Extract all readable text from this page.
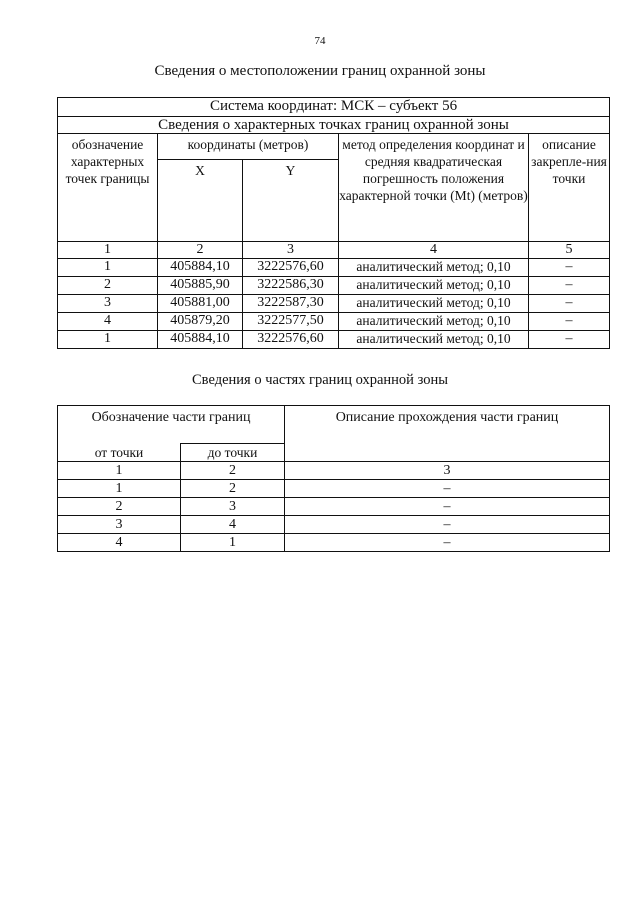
74
Сведения о местоположении границ охранной зоны
Система координат: МСК – субъект 56				
Сведения о характерных точках границ охранной зоны				
обозначение характерных точек границы	координаты (метров)		метод определения координат и средняя квадратическая погрешность положения характерной точки (Mt) (метров)	описание закрепле-ния точки
	X	Y		
1	2	3	4	5
1	405884,10	3222576,60	аналитический метод; 0,10	–
2	405885,90	3222586,30	аналитический метод; 0,10	–
3	405881,00	3222587,30	аналитический метод; 0,10	–
4	405879,20	3222577,50	аналитический метод; 0,10	–
1	405884,10	3222576,60	аналитический метод; 0,10	–
Сведения о частях границ охранной зоны
Обозначение части границ		Описание прохождения части границ
от точки	до точки	
1	2	3
1	2	–
2	3	–
3	4	–
4	1	–
